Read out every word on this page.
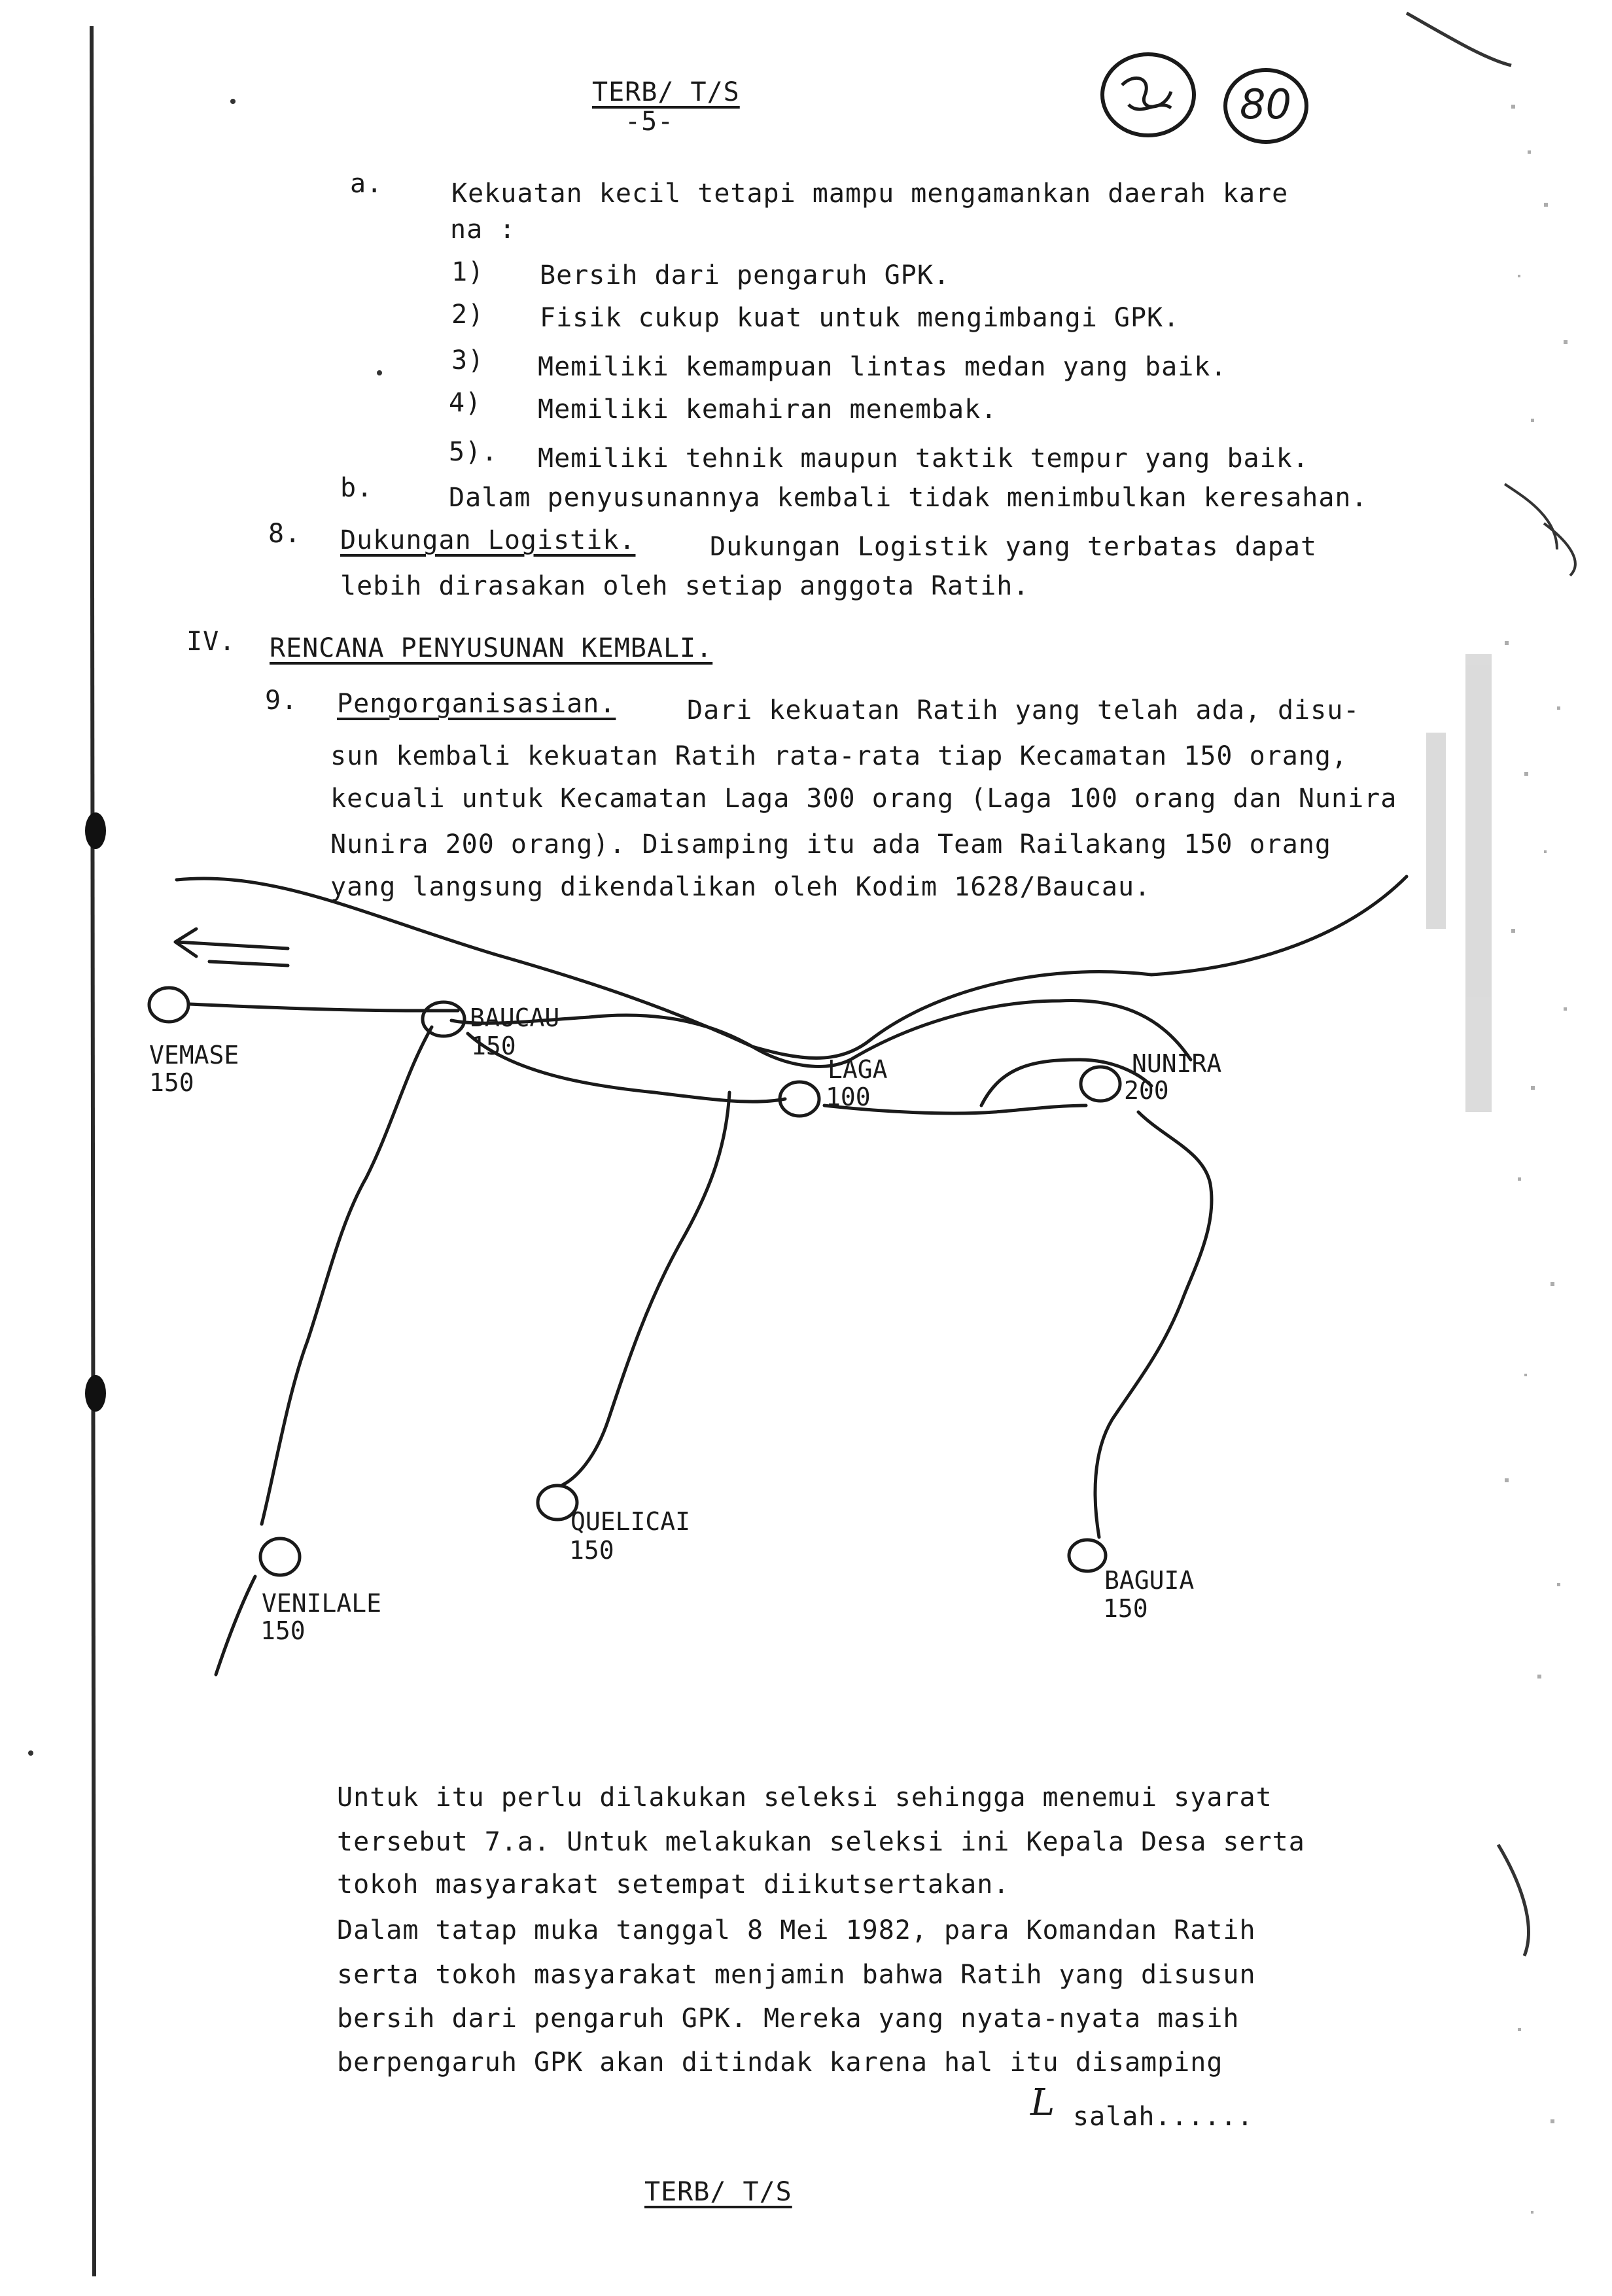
TERB/ T/S
-5-	80
a.	Kekuatan kecil tetapi mampu mengamankan daerah kare
na :
1) Bersih dari pengaruh GPK.
2) Fisik cukup kuat untuk mengimbangi GPK.
3) Memiliki kemampuan lintas medan yang baik.
4) Memiliki kemahiran menembak.
5). Memiliki tehnik maupun taktik tempur yang baik.
b.	Dalam penyusunannya kembali tidak menimbulkan keresahan.
8. Dukungan Logistik.	Dukungan Logistik yang terbatas dapat
lebih dirasakan oleh setiap anggota Ratih.
IV. RENCANA PENYUSUNAN KEMBALI.
9. Pengorganisasian.	Dari kekuatan Ratih yang telah ada, disu-
sun kembali kekuatan Ratih rata-rata tiap Kecamatan 150 orang,
kecuali untuk Kecamatan Laga 300 orang (Laga 100 orang dan Nunira
Nunira 200 orang). Disamping itu ada Team Railakang 150 orang
yang langsung dikendalikan oleh Kodim 1628/Baucau.
VEMASE
150
BAUCAU
150
LAGA
100
NUNIRA
200
QUELICAI
150
VENILALE
150
BAGUIA
150
Untuk itu perlu dilakukan seleksi sehingga menemui syarat
tersebut 7.a. Untuk melakukan seleksi ini Kepala Desa serta
tokoh masyarakat setempat diikutsertakan.
Dalam tatap muka tanggal 8 Mei 1982, para Komandan Ratih
serta tokoh masyarakat menjamin bahwa Ratih yang disusun
bersih dari pengaruh GPK. Mereka yang nyata-nyata masih
berpengaruh GPK akan ditindak karena hal itu disamping
L salah......
TERB/ T/S
